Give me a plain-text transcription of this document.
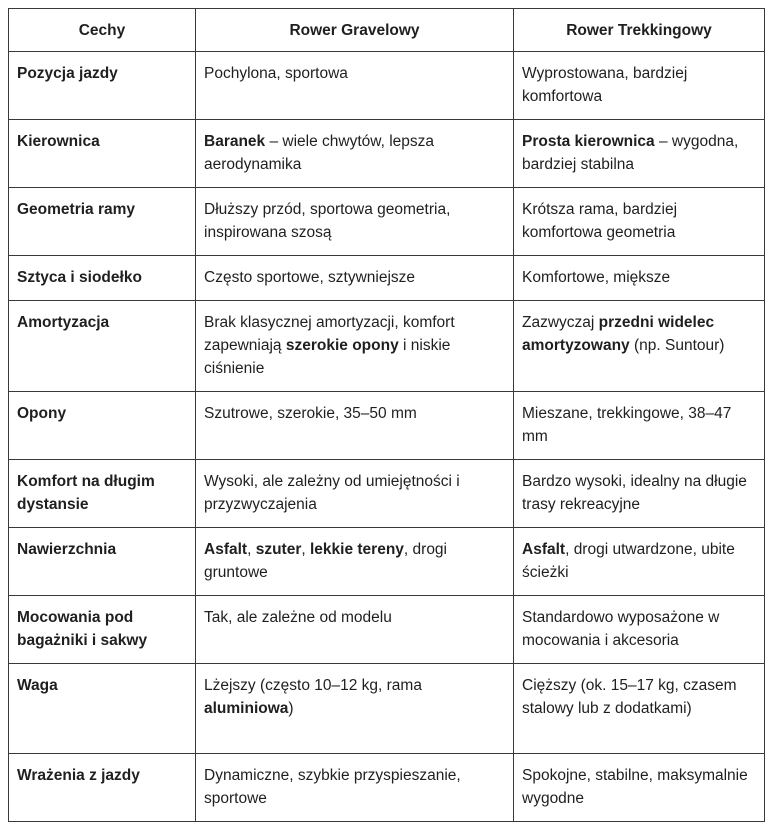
Cechy	Rower Gravelowy	Rower Trekkingowy
Pozycja jazdy	Pochylona, sportowa	Wyprostowana, bardziej komfortowa
Kierownica	Baranek – wiele chwytów, lepsza aerodynamika	Prosta kierownica – wygodna, bardziej stabilna
Geometria ramy	Dłuższy przód, sportowa geometria, inspirowana szosą	Krótsza rama, bardziej komfortowa geometria
Sztyca i siodełko	Często sportowe, sztywniejsze	Komfortowe, miększe
Amortyzacja	Brak klasycznej amortyzacji, komfort zapewniają szerokie opony i niskie ciśnienie	Zazwyczaj przedni widelec amortyzowany (np. Suntour)
Opony	Szutrowe, szerokie, 35–50 mm	Mieszane, trekkingowe, 38–47 mm
Komfort na długim dystansie	Wysoki, ale zależny od umiejętności i przyzwyczajenia	Bardzo wysoki, idealny na długie trasy rekreacyjne
Nawierzchnia	Asfalt, szuter, lekkie tereny, drogi gruntowe	Asfalt, drogi utwardzone, ubite ścieżki
Mocowania pod bagażniki i sakwy	Tak, ale zależne od modelu	Standardowo wyposażone w mocowania i akcesoria
Waga	Lżejszy (często 10–12 kg, rama aluminiowa)	Cięższy (ok. 15–17 kg, czasem stalowy lub z dodatkami)
Wrażenia z jazdy	Dynamiczne, szybkie przyspieszanie, sportowe	Spokojne, stabilne, maksymalnie wygodne
